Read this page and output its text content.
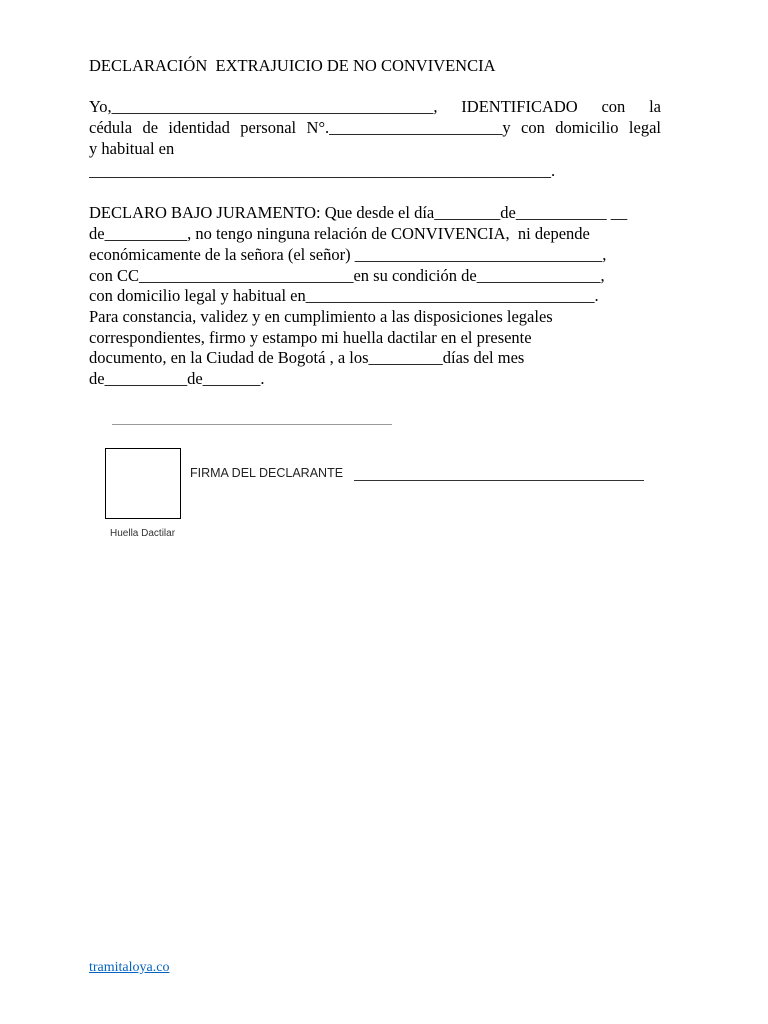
DECLARACIÓN  EXTRAJUICIO DE NO CONVIVENCIA
Yo,_______________________________________, IDENTIFICADO con la
cédula de identidad personal N°._____________________y con domicilio legal
y habitual en
________________________________________________________.
DECLARO BAJO JURAMENTO: Que desde el día________de___________ __
de__________, no tengo ninguna relación de CONVIVENCIA,  ni depende
económicamente de la señora (el señor) ______________________________,
con CC__________________________en su condición de_______________,
con domicilio legal y habitual en___________________________________.
Para constancia, validez y en cumplimiento a las disposiciones legales
correspondientes, firmo y estampo mi huella dactilar en el presente
documento, en la Ciudad de Bogotá , a los_________días del mes
de__________de_______.
FIRMA DEL DECLARANTE
Huella Dactilar
tramitaloya.co
